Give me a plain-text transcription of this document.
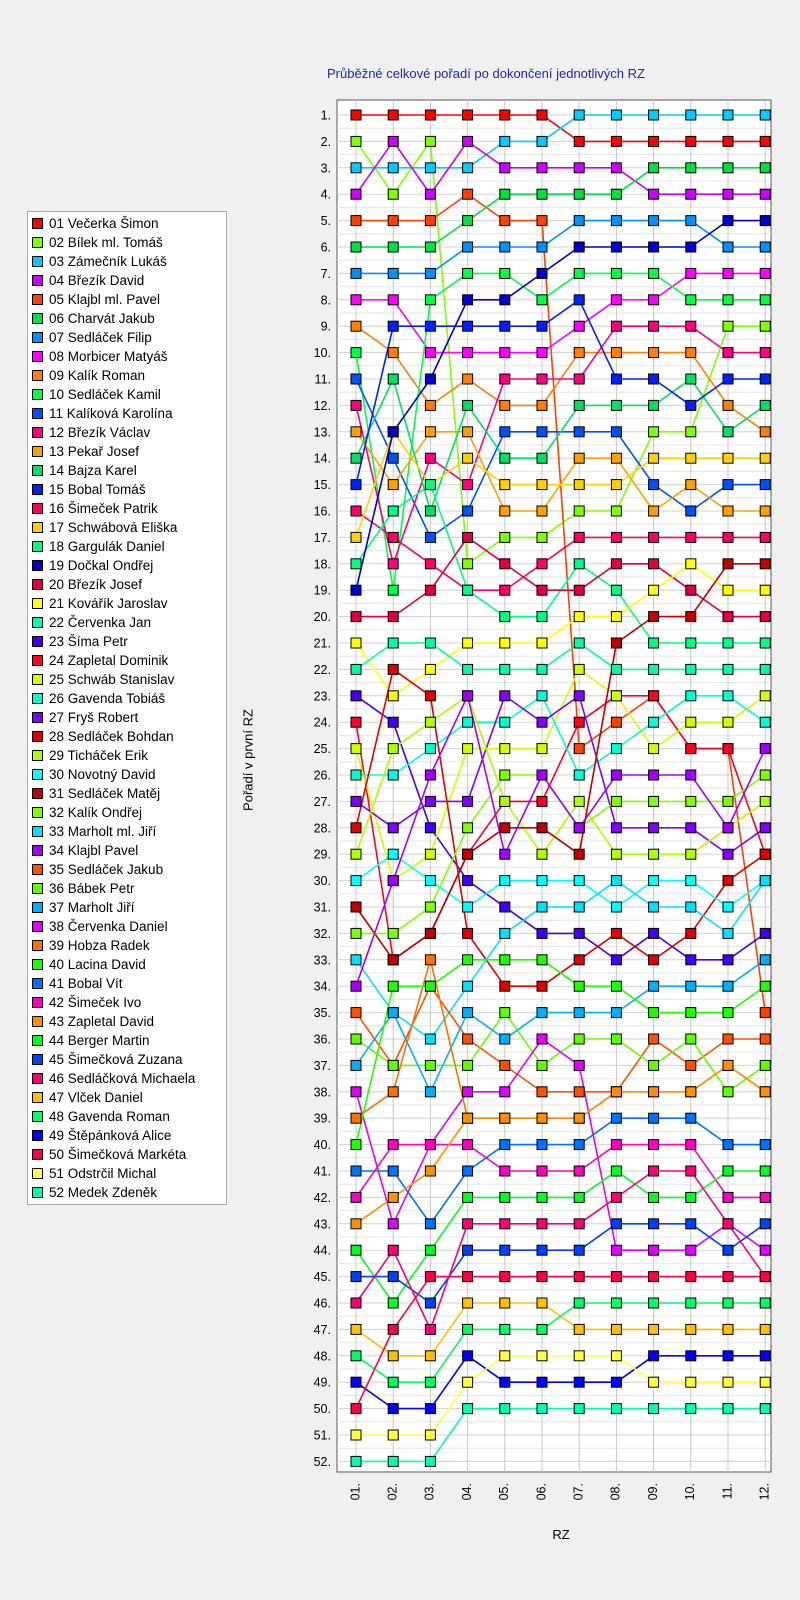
1.
2.
3.
4.
5.
6.
7.
8.
9.
10.
11.
12.
13.
14.
15.
16.
17.
18.
19.
20.
21.
22.
23.
24.
25.
26.
27.
28.
29.
30.
31.
32.
33.
34.
35.
36.
37.
38.
39.
40.
41.
42.
43.
44.
45.
46.
47.
48.
49.
50.
51.
52.
01. 02. 03. 04. 05. 06. 07. 08. 09. 10. 11. 12.
Průběžné celkové pořadí po dokončení jednotlivých RZ
Pořadí v první RZ
RZ
01 Večerka Šimon
02 Bílek ml. Tomáš
03 Zámečník Lukáš
04 Březík David
05 Klajbl ml. Pavel
06 Charvát Jakub
07 Sedláček Filip
08 Morbicer Matyáš
09 Kalík Roman
10 Sedláček Kamil
11 Kalíková Karolína
12 Březík Václav
13 Pekař Josef
14 Bajza Karel
15 Bobal Tomáš
16 Šimeček Patrik
17 Schwábová Eliška
18 Gargulák Daniel
19 Dočkal Ondřej
20 Březík Josef
21 Kovářík Jaroslav
22 Červenka Jan
23 Šíma Petr
24 Zapletal Dominik
25 Schwáb Stanislav
26 Gavenda Tobiáš
27 Fryš Robert
28 Sedláček Bohdan
29 Ticháček Erik
30 Novotný David
31 Sedláček Matěj
32 Kalík Ondřej
33 Marholt ml. Jiří
34 Klajbl Pavel
35 Sedláček Jakub
36 Bábek Petr
37 Marholt Jiří
38 Červenka Daniel
39 Hobza Radek
40 Lacina David
41 Bobal Vít
42 Šimeček Ivo
43 Zapletal David
44 Berger Martin
45 Šimečková Zuzana
46 Sedláčková Michaela
47 Vlček Daniel
48 Gavenda Roman
49 Štěpánková Alice
50 Šimečková Markéta
51 Odstrčil Michal
52 Medek Zdeněk
